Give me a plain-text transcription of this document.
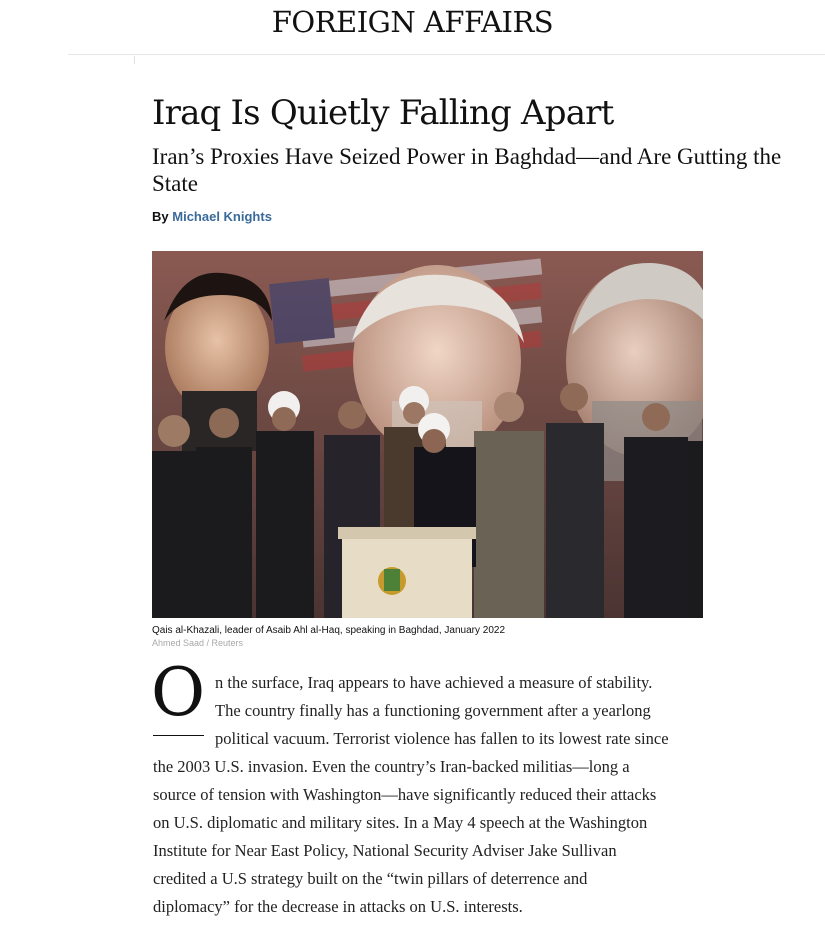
FOREIGN AFFAIRS
Iraq Is Quietly Falling Apart
Iran’s Proxies Have Seized Power in Baghdad—and Are Gutting the State
By Michael Knights
Qais al-Khazali, leader of Asaib Ahl al-Haq, speaking in Baghdad, January 2022
Ahmed Saad / Reuters
O n the surface, Iraq appears to have achieved a measure of stability.
The country finally has a functioning government after a yearlong
political vacuum. Terrorist violence has fallen to its lowest rate since
the 2003 U.S. invasion. Even the country’s Iran-backed militias—long a
source of tension with Washington—have significantly reduced their attacks
on U.S. diplomatic and military sites. In a May 4 speech at the Washington
Institute for Near East Policy, National Security Adviser Jake Sullivan
credited a U.S strategy built on the “twin pillars of deterrence and
diplomacy” for the decrease in attacks on U.S. interests.
